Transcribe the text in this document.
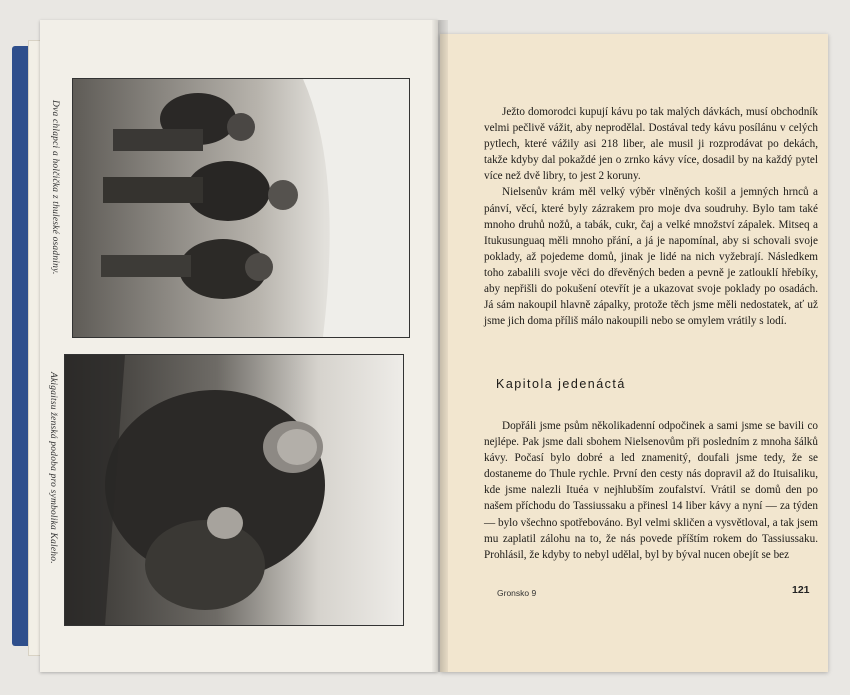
Dva chlapci a holčička z thuleské osadniny.
Akigaitsu ženská podoba pro symbolika Kaleho.

Ježto domorodci kupují kávu po tak malých dávkách, musí obchodník velmi pečlivě vážit, aby neprodělal. Dostával tedy kávu posílánu v celých pytlech, které vážily asi 218 liber, ale musil ji rozprodávat po dekách, takže kdyby dal pokaždé jen o zrnko kávy více, dosadil by na každý pytel více než dvě libry, to jest 2 koruny.

Nielsenův krám měl velký výběr vlněných košil a jemných hrnců a pánví, věcí, které byly zázrakem pro moje dva soudruhy. Bylo tam také mnoho druhů nožů, a tabák, cukr, čaj a velké množství zápalek. Mitseq a Itukusunguaq měli mnoho přání, a já je napomínal, aby si schovali svoje poklady, až pojedeme domů, jinak je lidé na nich vyžebrají. Následkem toho zabalili svoje věci do dřevěných beden a pevně je zatlouklí hřebíky, aby nepřišli do pokušení otevřít je a ukazovat svoje poklady po osadách. Já sám nakoupil hlavně zápalky, protože těch jsme měli nedostatek, ať už jsme jich doma příliš málo nakoupili nebo se omylem vrátily s lodí.

Kapitola jedenáctá

Dopřáli jsme psům několikadenní odpočinek a sami jsme se bavili co nejlépe. Pak jsme dali sbohem Nielsenovům při posledním z mnoha šálků kávy. Počasí bylo dobré a led znamenitý, doufali jsme tedy, že se dostaneme do Thule rychle. První den cesty nás dopravil až do Ituisaliku, kde jsme nalezli Ituéa v nejhlubším zoufalství. Vrátil se domů den po našem příchodu do Tassiussaku a přinesl 14 liber kávy a nyní — za týden — bylo všechno spotřebováno. Byl velmi skličen a vysvětloval, a tak jsem mu zaplatil zálohu na to, že nás povede příštím rokem do Tassiussaku. Prohlásil, že kdyby to nebyl udělal, byl by býval nucen obejít se bez

Gronsko 9	121
